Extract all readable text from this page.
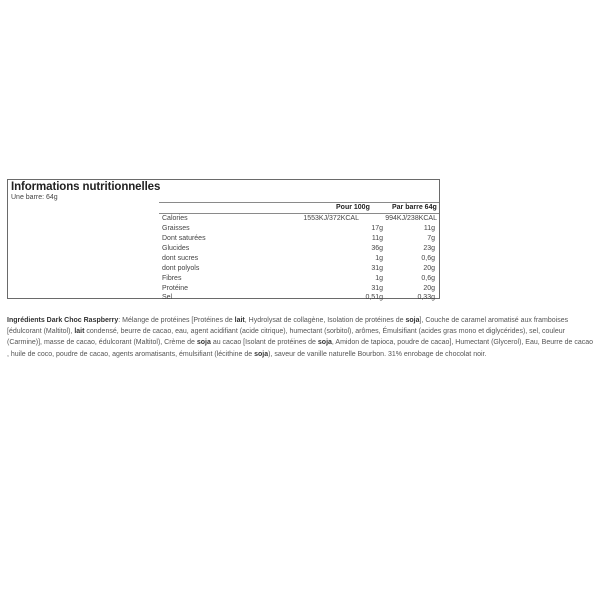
Informations nutritionnelles
Une barre: 64g
Pour 100g	Par barre 64g
Calories	1553KJ/372KCAL	994KJ/238KCAL
Graisses	17g	11g
Dont saturées	11g	7g
Glucides	36g	23g
dont sucres	1g	0,6g
dont polyols	31g	20g
Fibres	1g	0,6g
Protéine	31g	20g
Sel	0,51g	0,33g
Ingrédients Dark Choc Raspberry: Mélange de protéines [Protéines de lait, Hydrolysat de collagène, Isolation de protéines de soja], Couche de caramel aromatisé aux framboises [édulcorant (Maltitol), lait condensé, beurre de cacao, eau, agent acidifiant (acide citrique), humectant (sorbitol), arômes, Émulsifiant (acides gras mono et diglycérides), sel, couleur (Carmine)], masse de cacao, édulcorant (Maltitol), Crème de soja au cacao [Isolant de protéines de soja, Amidon de tapioca, poudre de cacao], Humectant (Glycerol), Eau, Beurre de cacao , huile de coco, poudre de cacao, agents aromatisants, émulsifiant (lécithine de soja), saveur de vanille naturelle Bourbon. 31% enrobage de chocolat noir.
